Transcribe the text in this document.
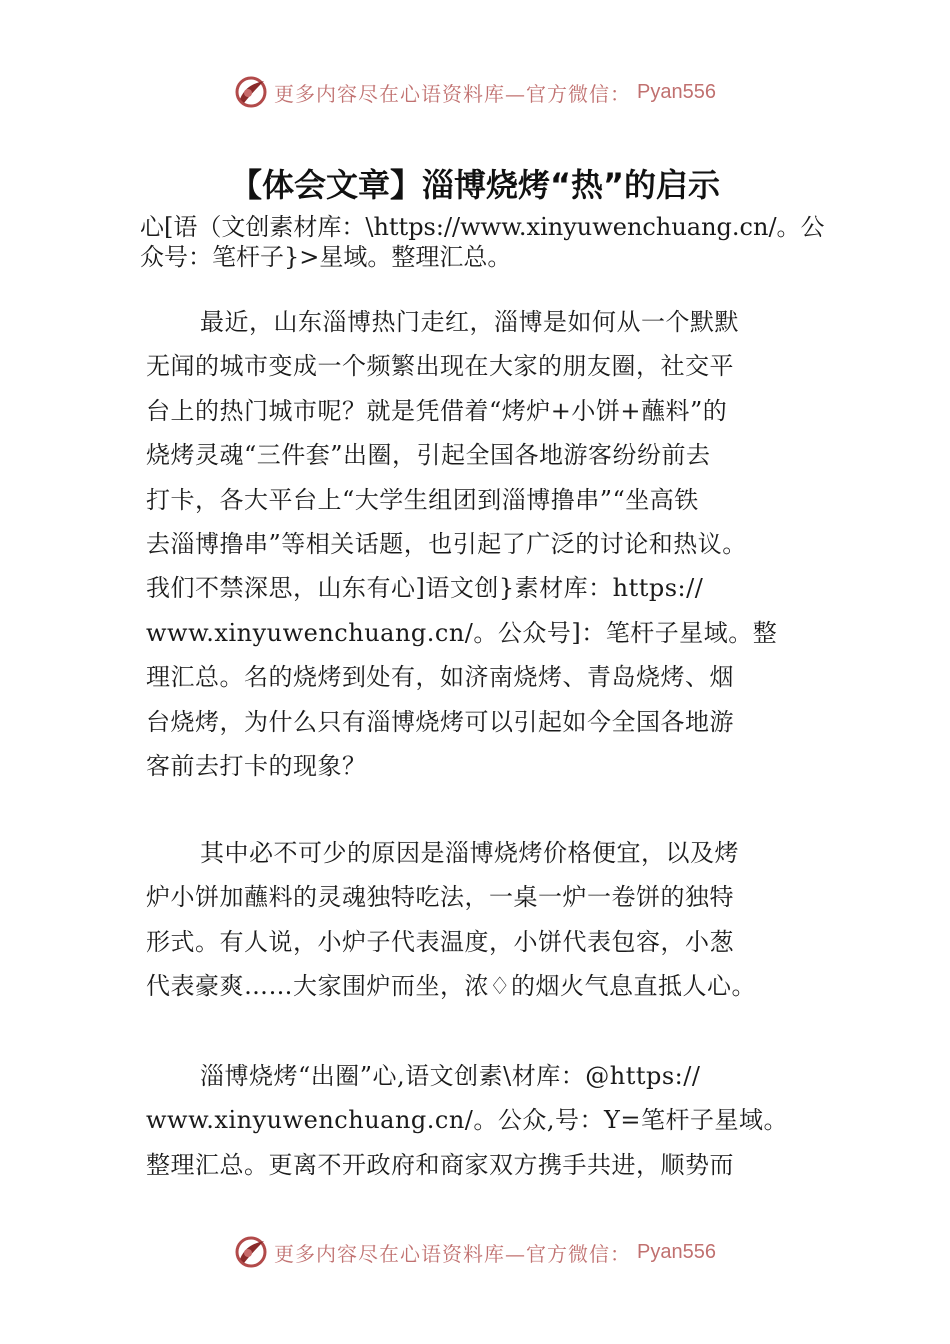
更多内容尽在心语资料库—官方微信： Pyan556
【体会文章】淄博烧烤“热”的启示

心[语（文创素材库：\https://www.xinyuwenchuang.cn/。公众号：笔杆子}>星域。整理汇总。

最近，山东淄博热门走红，淄博是如何从一个默默
无闻的城市变成一个频繁出现在大家的朋友圈，社交平
台上的热门城市呢？就是凭借着“烤炉+小饼+蘸料”的
烧烤灵魂“三件套”出圈，引起全国各地游客纷纷前去
打卡，各大平台上“大学生组团到淄博撸串”“坐高铁
去淄博撸串”等相关话题，也引起了广泛的讨论和热议。
我们不禁深思，山东有心]语文创}素材库：https://
www.xinyuwenchuang.cn/。公众号]：笔杆子星域。整
理汇总。名的烧烤到处有，如济南烧烤、青岛烧烤、烟
台烧烤，为什么只有淄博烧烤可以引起如今全国各地游
客前去打卡的现象？
其中必不可少的原因是淄博烧烤价格便宜，以及烤
炉小饼加蘸料的灵魂独特吃法，一桌一炉一卷饼的独特
形式。有人说，小炉子代表温度，小饼代表包容，小葱
代表豪爽……大家围炉而坐，浓♢的烟火气息直抵人心。
淄博烧烤“出圈”心,语文创素\材库：@https://
www.xinyuwenchuang.cn/。公众,号：Y=笔杆子星域。
整理汇总。更离不开政府和商家双方携手共进，顺势而
更多内容尽在心语资料库—官方微信： Pyan556
